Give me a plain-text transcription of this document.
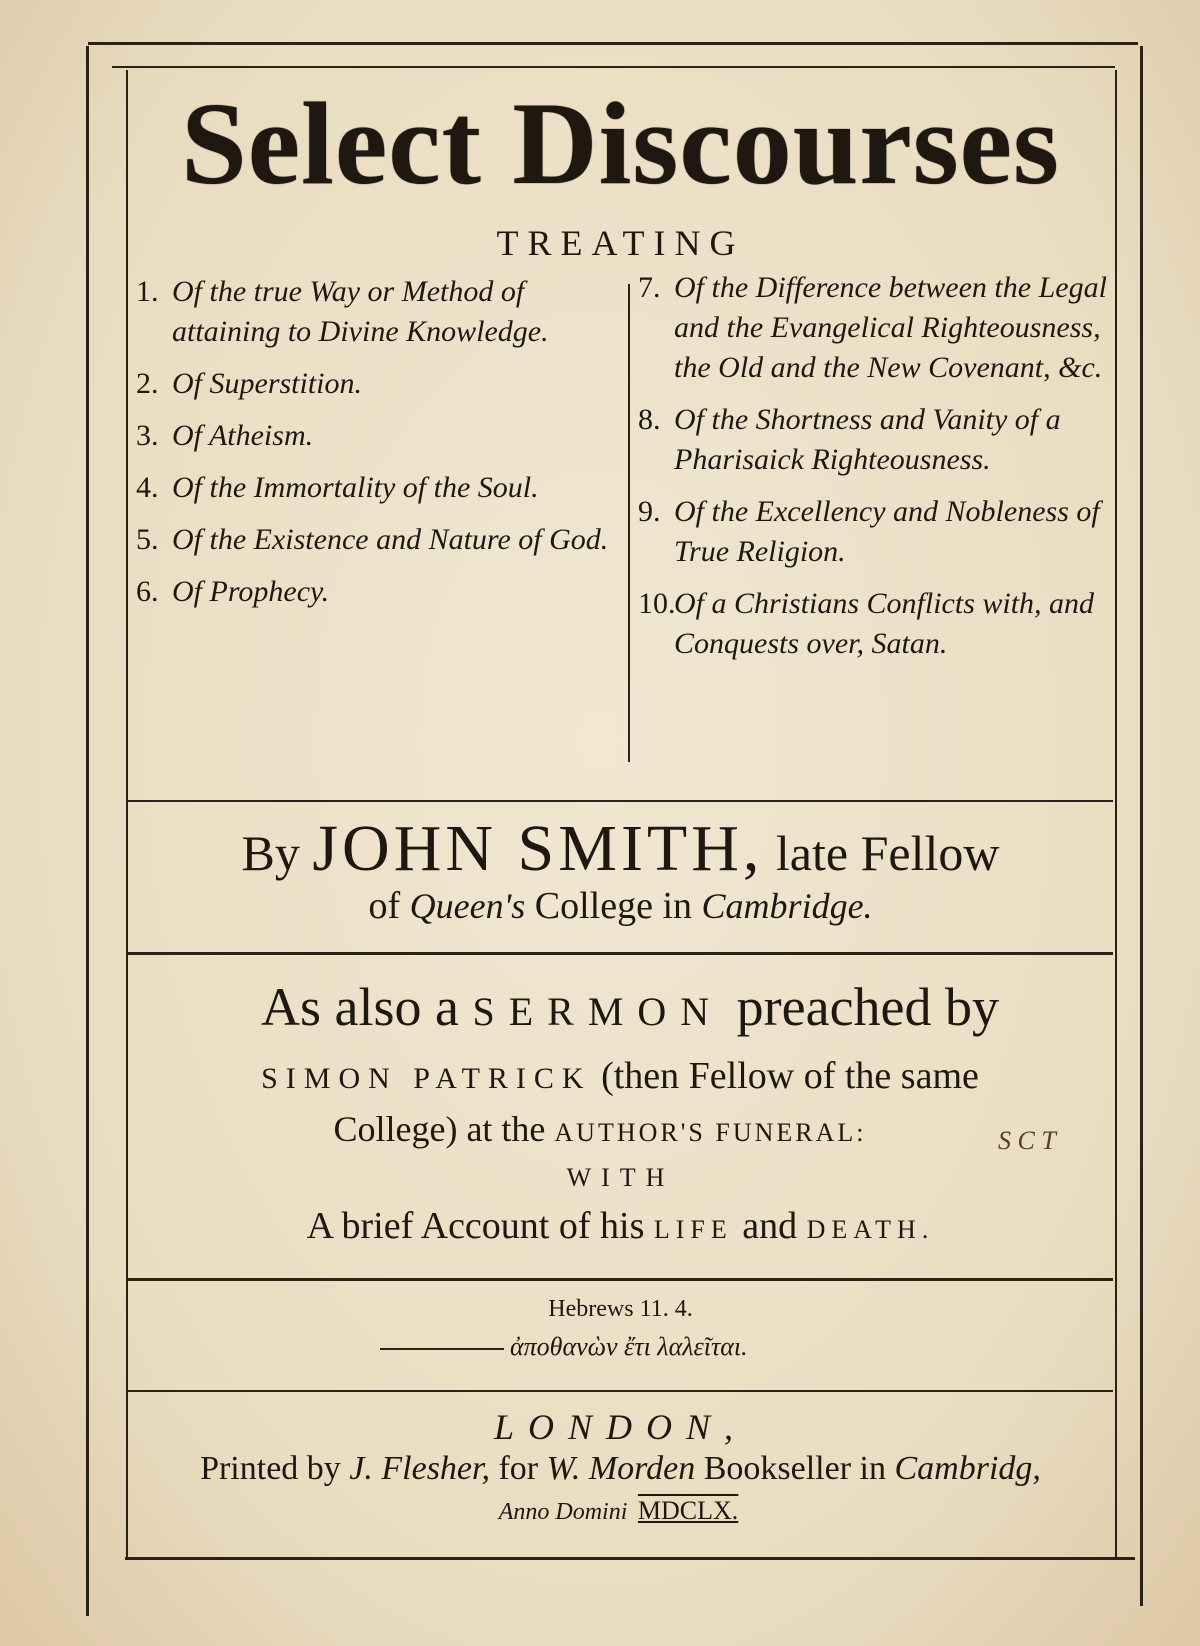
Select Discourses
TREATING
1. Of the true Way or Method of attaining to Divine Knowledge.
2. Of Superstition.
3. Of Atheism.
4. Of the Immortality of the Soul.
5. Of the Existence and Nature of God.
6. Of Prophecy.
7. Of the Difference between the Legal and the Evangelical Righteousness, the Old and the New Covenant, &c.
8. Of the Shortness and Vanity of a Pharisaick Righteousness.
9. Of the Excellency and Nobleness of True Religion.
10.Of a Christians Conflicts with, and Conquests over, Satan.
By JOHN SMITH, late Fellow
of Queen's College in Cambridge.
As also a SERMON preached by
SIMON PATRICK (then Fellow of the same
College) at the AUTHOR'S FUNERAL:
WITH
A brief Account of his LIFE and DEATH.
S C T
Hebrews 11. 4.
ἀποθανὼν ἔτι λαλεῖται.
LONDON,
Printed by J. Flesher, for W. Morden Bookseller in Cambridg,
Anno Domini MDCLX.
